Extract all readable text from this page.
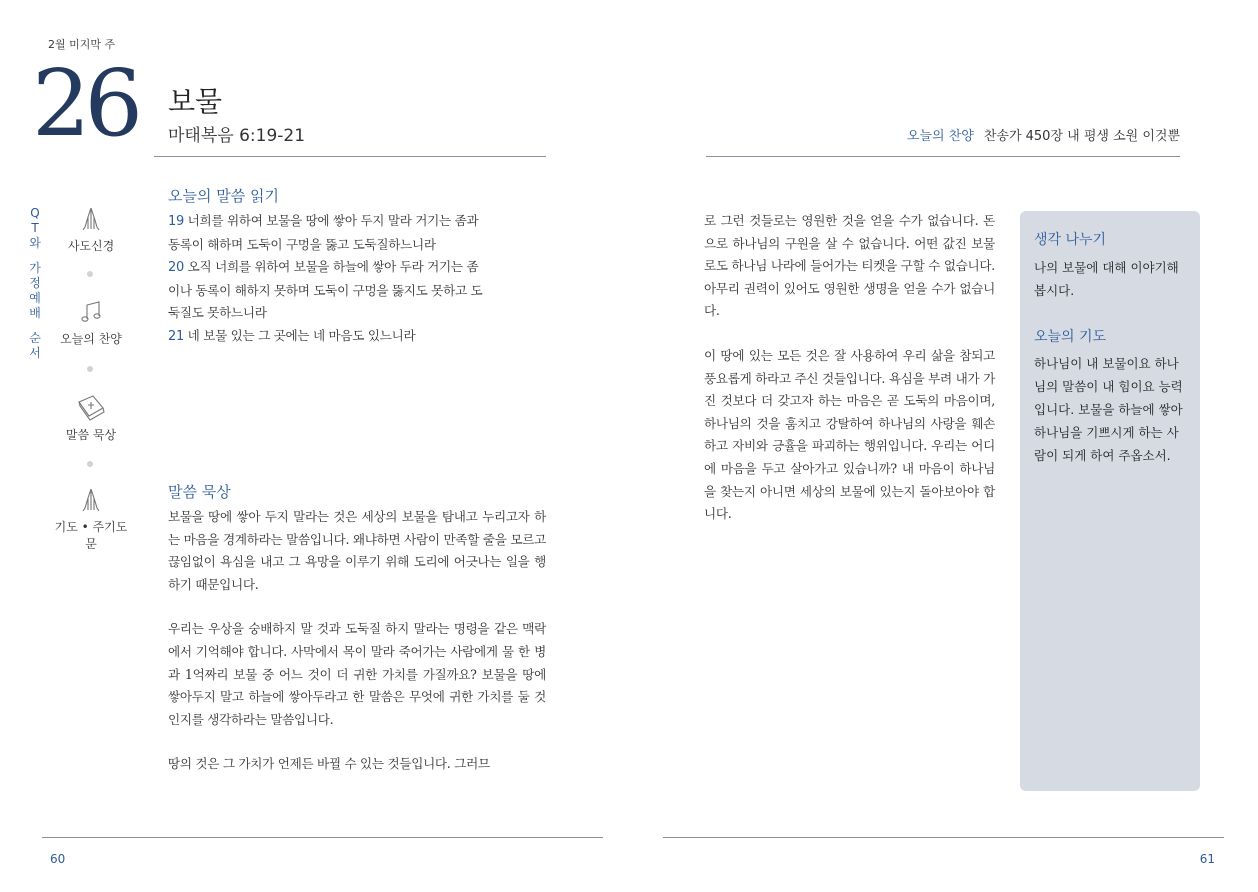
2월 미지막 주
26 보물
마태복음 6:19-21	오늘의 찬양 찬송가 450장 내 평생 소원 이것뿐
Q
T
와
가
정
예
배
순
서
사도신경
오늘의 찬양
말씀 묵상
기도 • 주기도문
오늘의 말씀 읽기
19 너희를 위하여 보물을 땅에 쌓아 두지 말라 거기는 좀과
동록이 해하며 도둑이 구멍을 뚫고 도둑질하느니라
20 오직 너희를 위하여 보물을 하늘에 쌓아 두라 거기는 좀
이나 동록이 해하지 못하며 도둑이 구멍을 뚫지도 못하고 도
둑질도 못하느니라
21 네 보물 있는 그 곳에는 네 마음도 있느니라
말씀 묵상

보물을 땅에 쌓아 두지 말라는 것은 세상의 보물을 탐내고 누리고자 하는 마음을 경계하라는 말씀입니다. 왜냐하면 사람이 만족할 줄을 모르고 끊임없이 욕심을 내고 그 욕망을 이루기 위해 도리에 어긋나는 일을 행하기 때문입니다.

우리는 우상을 숭배하지 말 것과 도둑질 하지 말라는 명령을 같은 맥락에서 기억해야 합니다. 사막에서 목이 말라 죽어가는 사람에게 물 한 병과 1억짜리 보물 중 어느 것이 더 귀한 가치를 가질까요? 보물을 땅에 쌓아두지 말고 하늘에 쌓아두라고 한 말씀은 무엇에 귀한 가치를 둘 것인지를 생각하라는 말씀입니다.

땅의 것은 그 가치가 언제든 바뀔 수 있는 것들입니다. 그러므

로 그런 것들로는 영원한 것을 얻을 수가 없습니다. 돈으로 하나님의 구원을 살 수 없습니다. 어떤 값진 보물로도 하나님 나라에 들어가는 티켓을 구할 수 없습니다. 아무리 권력이 있어도 영원한 생명을 얻을 수가 없습니다.

이 땅에 있는 모든 것은 잘 사용하여 우리 삶을 참되고 풍요롭게 하라고 주신 것들입니다. 욕심을 부려 내가 가진 것보다 더 갖고자 하는 마음은 곧 도둑의 마음이며, 하나님의 것을 훔치고 강탈하여 하나님의 사랑을 훼손하고 자비와 긍휼을 파괴하는 행위입니다. 우리는 어디에 마음을 두고 살아가고 있습니까? 내 마음이 하나님을 찾는지 아니면 세상의 보물에 있는지 돌아보아야 합니다.

생각 나누기
나의 보물에 대해 이야기해 봅시다.
오늘의 기도
하나님이 내 보물이요 하나님의 말씀이 내 힘이요 능력입니다. 보물을 하늘에 쌓아 하나님을 기쁘시게 하는 사람이 되게 하여 주옵소서.
60	61
